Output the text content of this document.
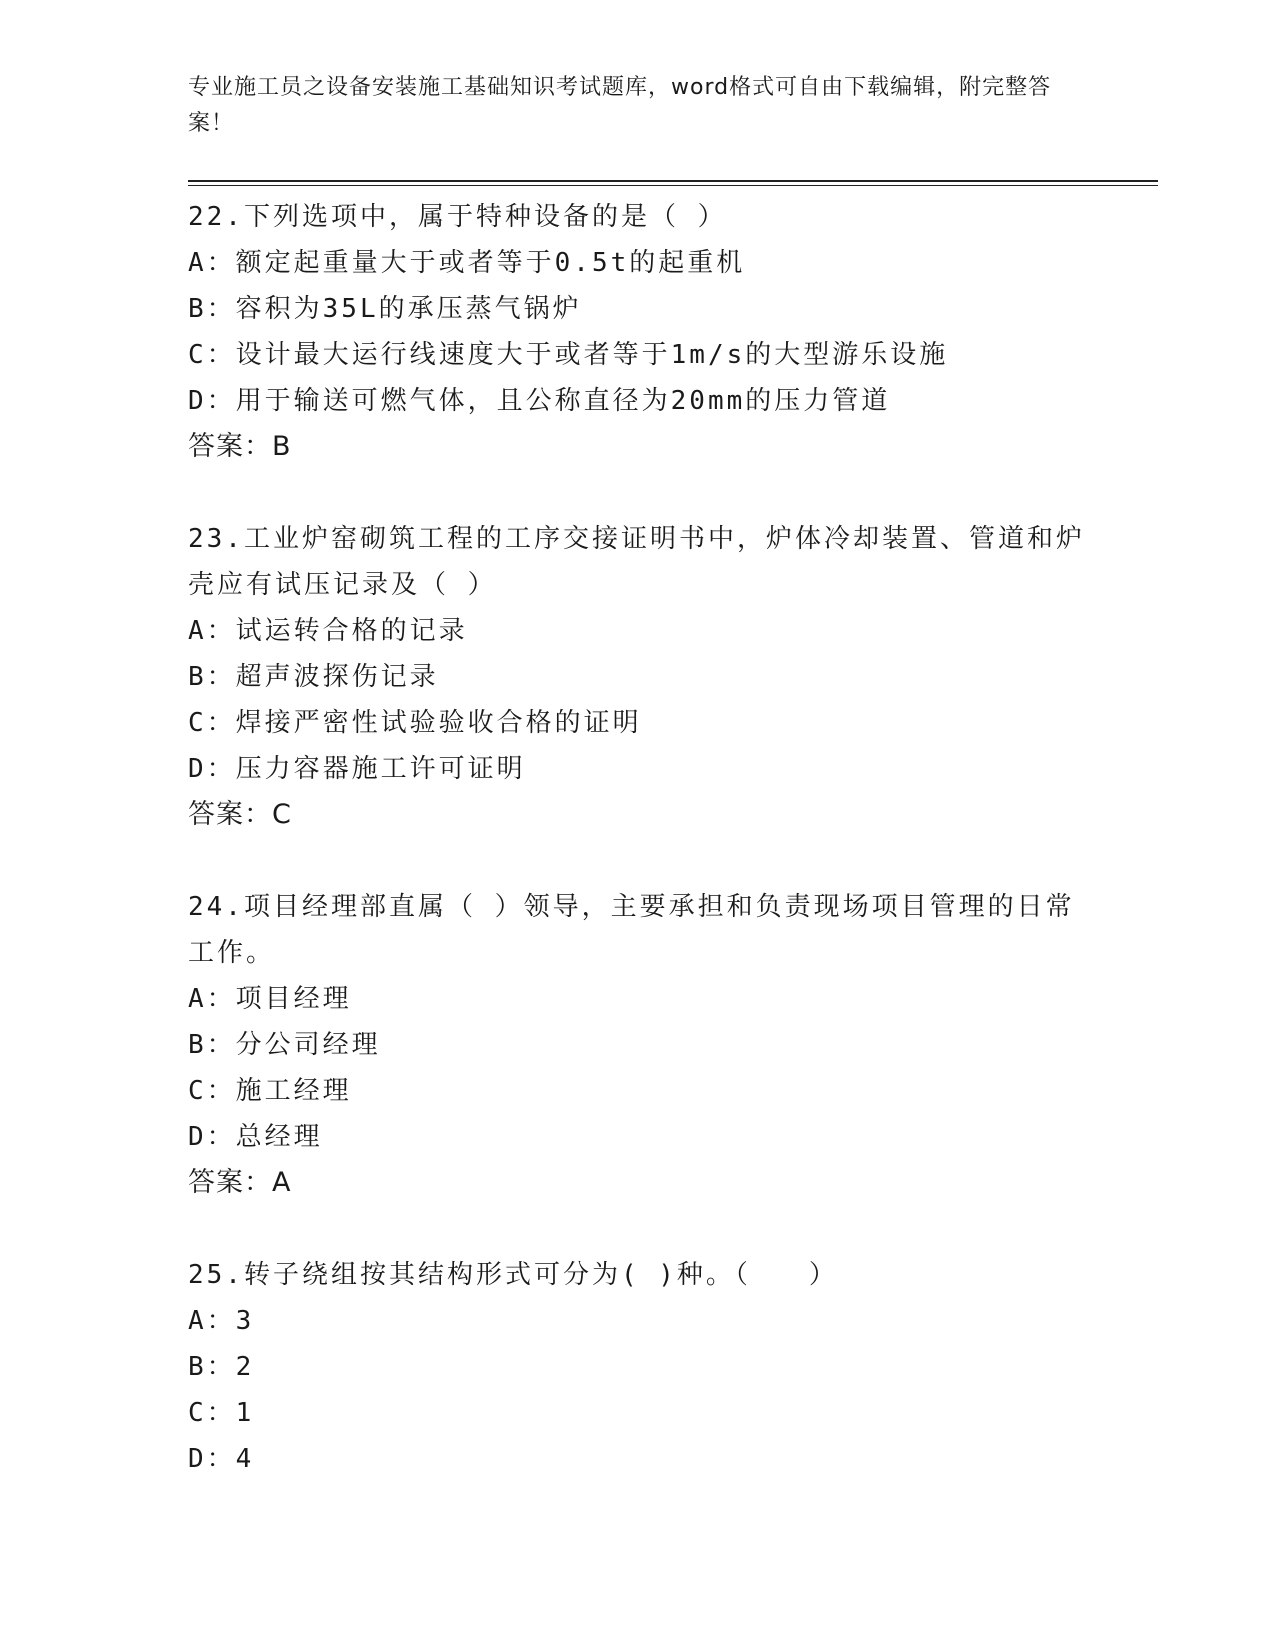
专业施工员之设备安装施工基础知识考试题库，word格式可自由下载编辑，附完整答案！

22.下列选项中，属于特种设备的是（ ）

A：额定起重量大于或者等于0.5t的起重机

B：容积为35L的承压蒸气锅炉

C：设计最大运行线速度大于或者等于1m/s的大型游乐设施

D：用于输送可燃气体，且公称直径为20mm的压力管道

答案：B

23.工业炉窑砌筑工程的工序交接证明书中，炉体冷却装置、管道和炉壳应有试压记录及（ ）

A：试运转合格的记录

B：超声波探伤记录

C：焊接严密性试验验收合格的证明

D：压力容器施工许可证明

答案：C

24.项目经理部直属（ ）领导，主要承担和负责现场项目管理的日常工作。

A：项目经理

B：分公司经理

C：施工经理

D：总经理

答案：A

25.转子绕组按其结构形式可分为( )种。（　　）

A：3

B：2

C：1

D：4
